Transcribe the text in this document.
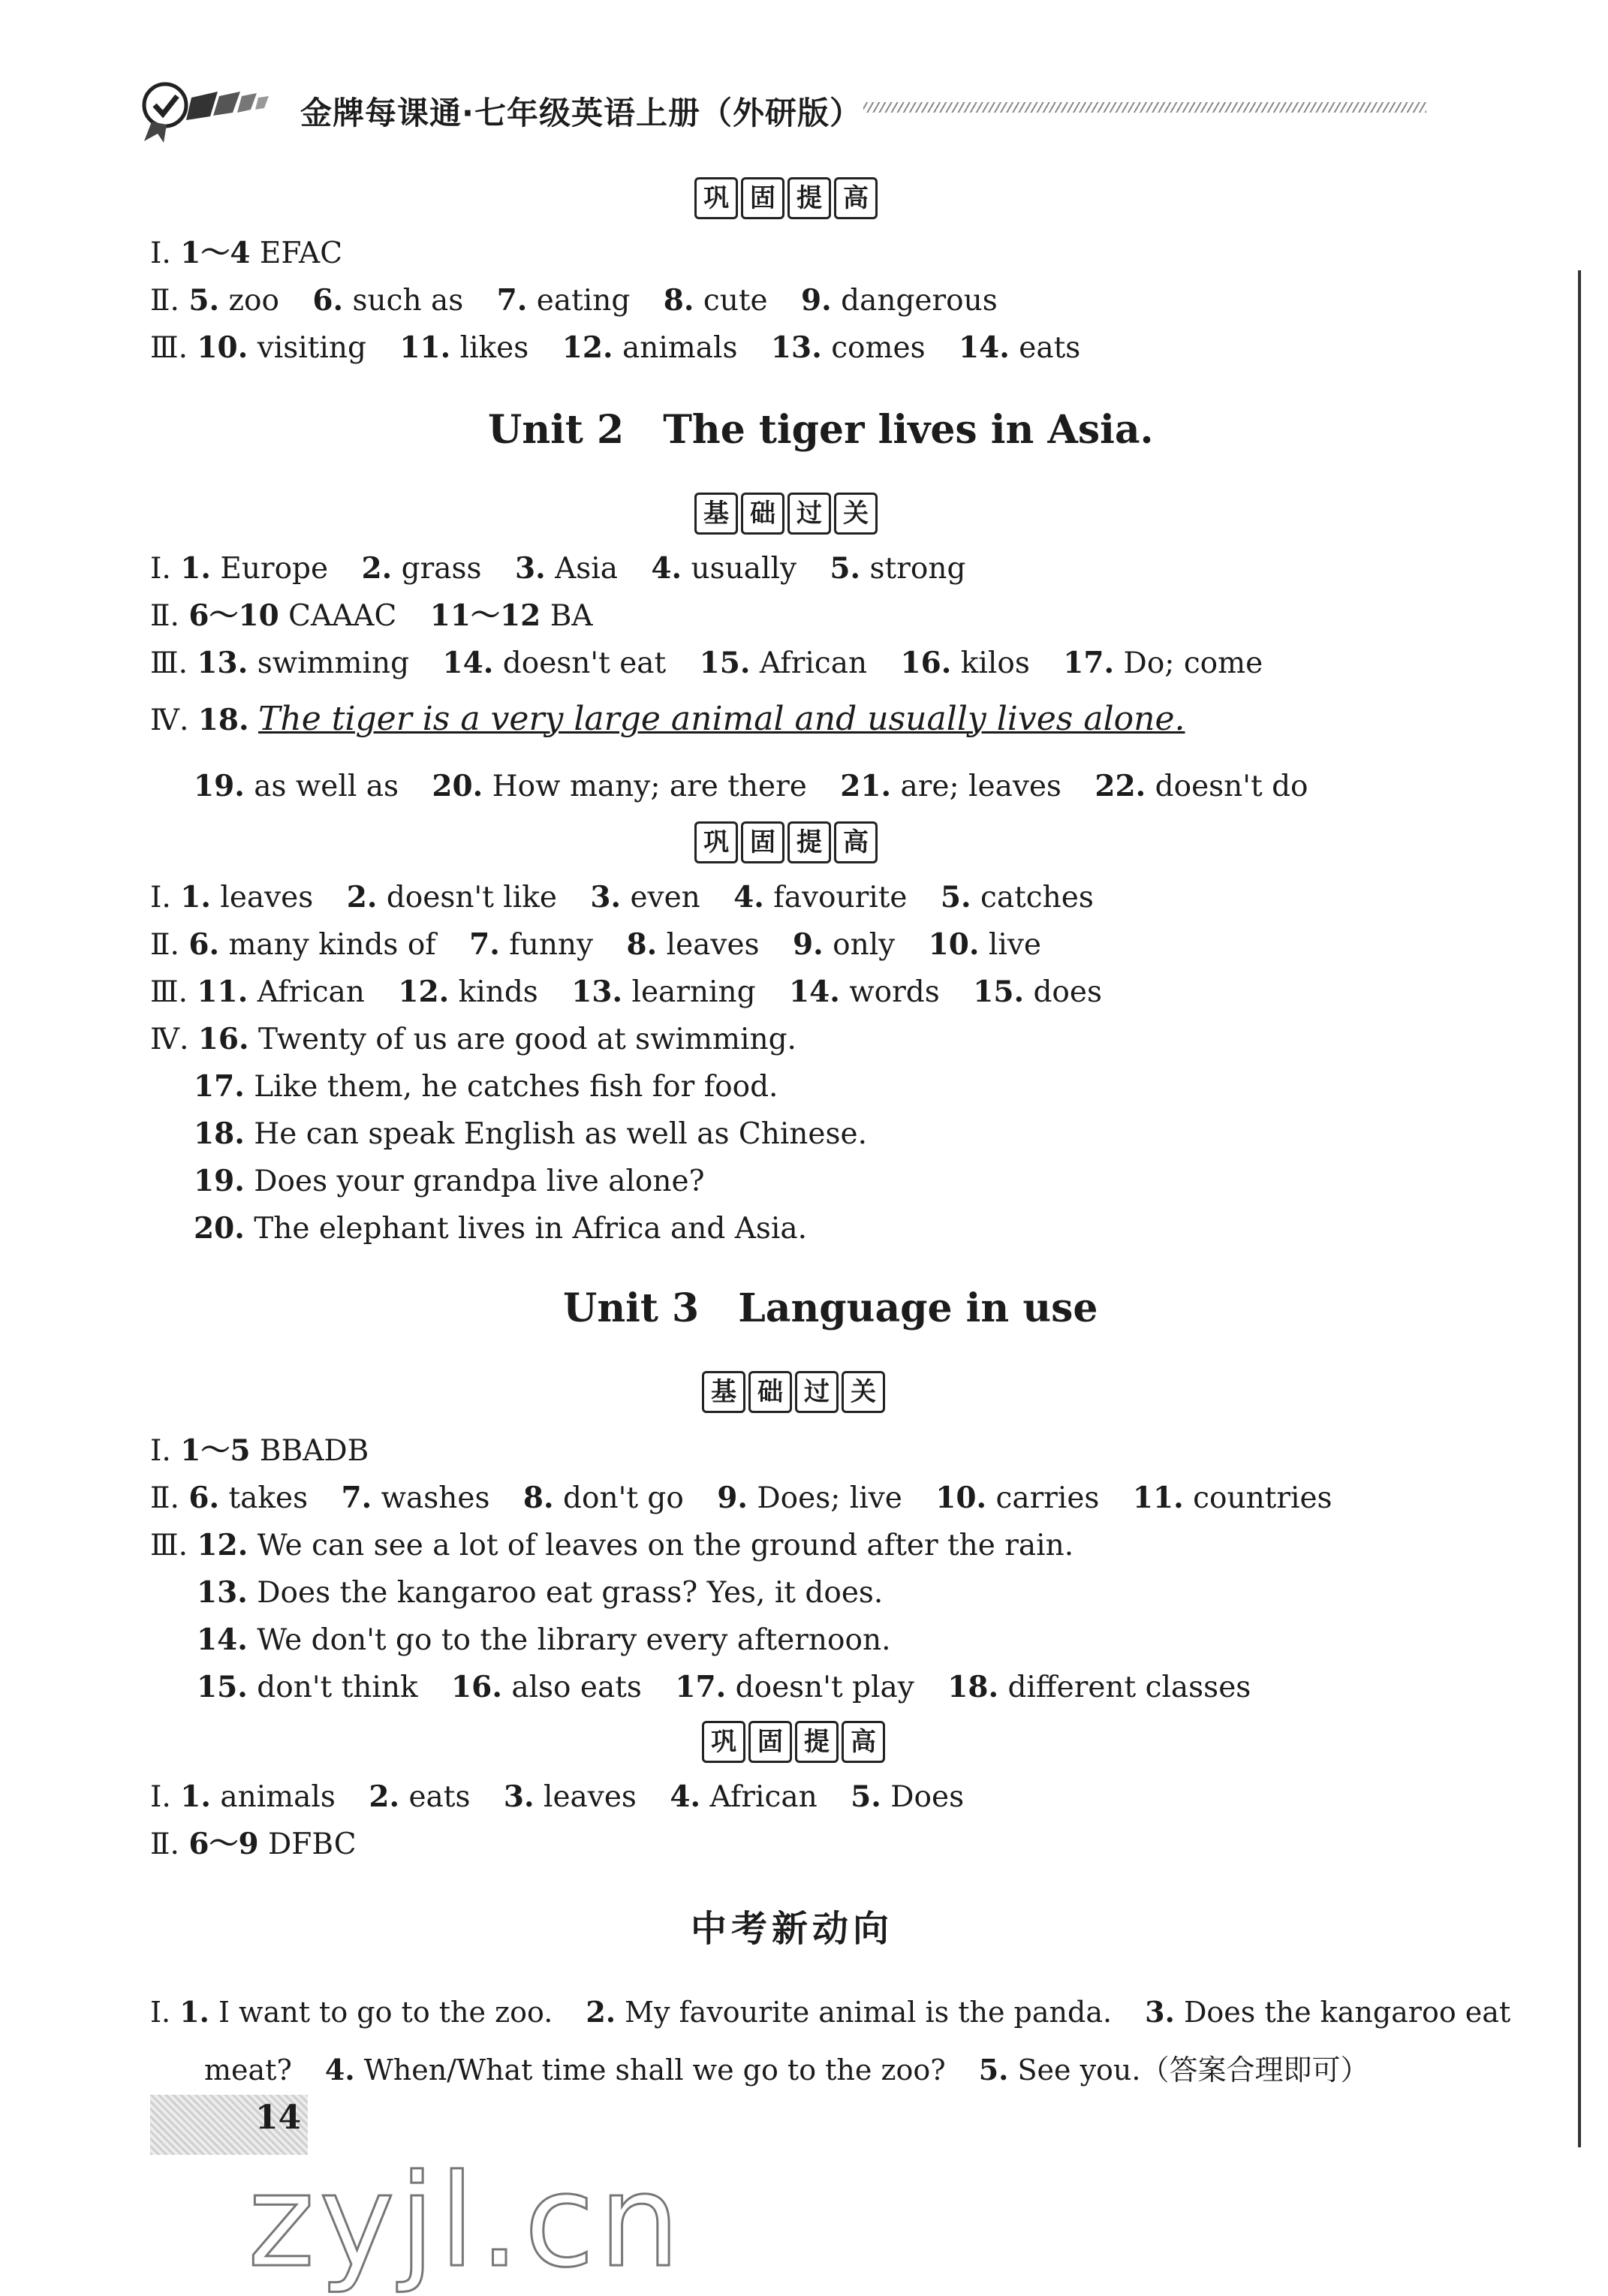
金牌每课通·七年级英语上册（外研版）
巩 固 提 高
Ⅰ. 1～4 EFAC
Ⅱ. 5. zoo 6. such as 7. eating 8. cute 9. dangerous
Ⅲ. 10. visiting 11. likes 12. animals 13. comes 14. eats
Unit 2　The tiger lives in Asia.
基 础 过 关
Ⅰ. 1. Europe 2. grass 3. Asia 4. usually 5. strong
Ⅱ. 6～10 CAAAC 11～12 BA
Ⅲ. 13. swimming 14. doesn't eat 15. African 16. kilos 17. Do; come
Ⅳ. 18. The tiger is a very large animal and usually lives alone.
19. as well as 20. How many; are there 21. are; leaves 22. doesn't do
巩 固 提 高
Ⅰ. 1. leaves 2. doesn't like 3. even 4. favourite 5. catches
Ⅱ. 6. many kinds of 7. funny 8. leaves 9. only 10. live
Ⅲ. 11. African 12. kinds 13. learning 14. words 15. does
Ⅳ. 16. Twenty of us are good at swimming.
17. Like them, he catches fish for food.
18. He can speak English as well as Chinese.
19. Does your grandpa live alone?
20. The elephant lives in Africa and Asia.
Unit 3　Language in use
基 础 过 关
Ⅰ. 1～5 BBADB
Ⅱ. 6. takes 7. washes 8. don't go 9. Does; live 10. carries 11. countries
Ⅲ. 12. We can see a lot of leaves on the ground after the rain.
13. Does the kangaroo eat grass? Yes, it does.
14. We don't go to the library every afternoon.
15. don't think 16. also eats 17. doesn't play 18. different classes
巩 固 提 高
Ⅰ. 1. animals 2. eats 3. leaves 4. African 5. Does
Ⅱ. 6～9 DFBC
中考新动向
Ⅰ. 1. I want to go to the zoo. 2. My favourite animal is the panda. 3. Does the kangaroo eat
meat? 4. When/What time shall we go to the zoo? 5. See you.（答案合理即可）
14
zyjl.cn
